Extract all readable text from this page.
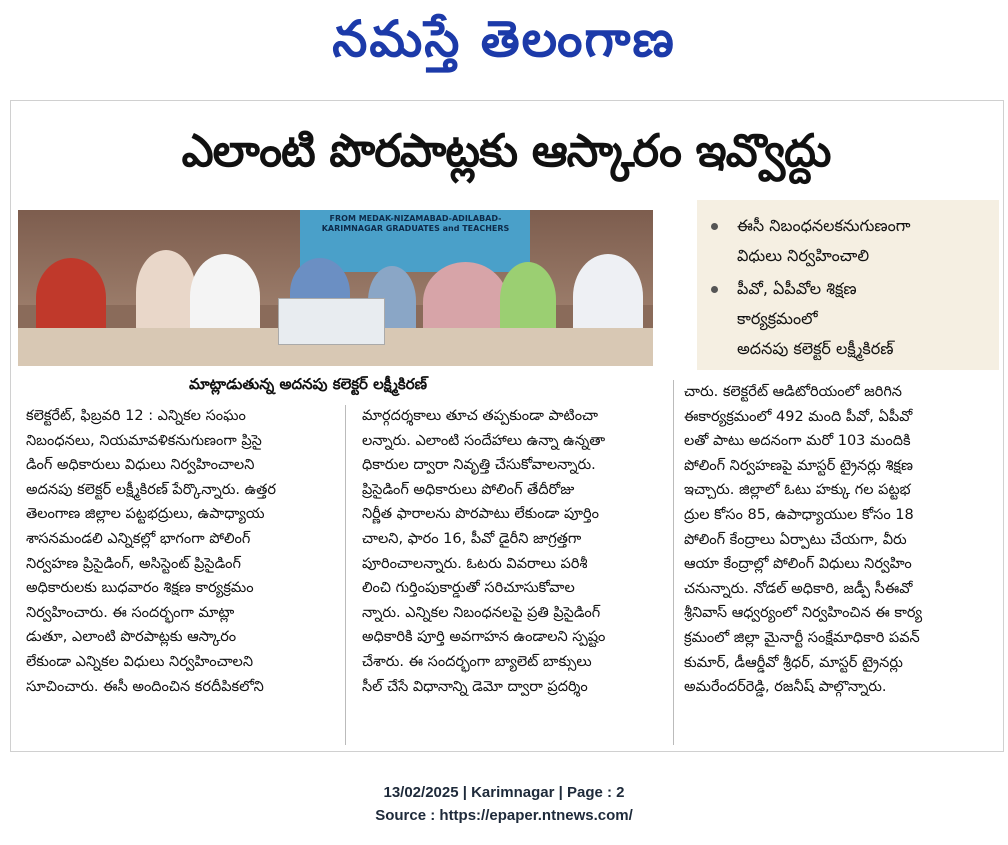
నమస్తే తెలంగాణ
ఎలాంటి పొరపాట్లకు ఆస్కారం ఇవ్వొద్దు
FROM MEDAK-NIZAMABAD-ADILABAD-KARIMNAGAR GRADUATES and TEACHERS
మాట్లాడుతున్న అదనపు కలెక్టర్ లక్ష్మీకిరణ్
ఈసీ నిబంధనలకనుగుణంగా
విధులు నిర్వహించాలి
పీవో, ఏపీవోల శిక్షణ
కార్యక్రమంలో
అదనపు కలెక్టర్ లక్ష్మీకిరణ్
కలెక్టరేట్, ఫిబ్రవరి 12 : ఎన్నికల సంఘం
నిబంధనలు, నియమావళికనుగుణంగా ప్రిసై
డింగ్ అధికారులు విధులు నిర్వహించాలని
అదనపు కలెక్టర్ లక్ష్మీకిరణ్ పేర్కొన్నారు. ఉత్తర
తెలంగాణ జిల్లాల పట్టభద్రులు, ఉపాధ్యాయ
శాసనమండలి ఎన్నికల్లో భాగంగా పోలింగ్
నిర్వహణ ప్రిసైడింగ్, అసిస్టెంట్ ప్రిసైడింగ్
అధికారులకు బుధవారం శిక్షణ కార్యక్రమం
నిర్వహించారు. ఈ సందర్భంగా మాట్లా
డుతూ, ఎలాంటి పొరపాట్లకు ఆస్కారం
లేకుండా ఎన్నికల విధులు నిర్వహించాలని
సూచించారు. ఈసీ అందించిన కరదీపికలోని
మార్గదర్శకాలు తూచ తప్పకుండా పాటించా
లన్నారు. ఎలాంటి సందేహాలు ఉన్నా ఉన్నతా
ధికారుల ద్వారా నివృత్తి చేసుకోవాలన్నారు.
ప్రిసైడింగ్ అధికారులు పోలింగ్ తేదీరోజు
నిర్ణీత ఫారాలను పొరపాటు లేకుండా పూర్తిం
చాలని, ఫారం 16, పీవో డైరీని జాగ్రత్తగా
పూరించాలన్నారు. ఓటరు వివరాలు పరిశీ
లించి గుర్తింపుకార్డుతో సరిచూసుకోవాల
న్నారు. ఎన్నికల నిబంధనలపై ప్రతి ప్రిసైడింగ్
అధికారికి పూర్తి అవగాహన ఉండాలని స్పష్టం
చేశారు. ఈ సందర్భంగా బ్యాలెట్ బాక్సులు
సీల్ చేసే విధానాన్ని డెమో ద్వారా ప్రదర్శిం
చారు. కలెక్టరేట్ ఆడిటోరియంలో జరిగిన
ఈకార్యక్రమంలో 492 మంది పీవో, ఏపీవో
లతో పాటు అదనంగా మరో 103 మందికి
పోలింగ్ నిర్వహణపై మాస్టర్ ట్రైనర్లు శిక్షణ
ఇచ్చారు. జిల్లాలో ఓటు హక్కు గల పట్టభ
ద్రుల కోసం 85, ఉపాధ్యాయుల కోసం 18
పోలింగ్ కేంద్రాలు ఏర్పాటు చేయగా, వీరు
ఆయా కేంద్రాల్లో పోలింగ్ విధులు నిర్వహిం
చనున్నారు. నోడల్ అధికారి, జడ్పీ సీఈవో
శ్రీనివాస్ ఆధ్వర్యంలో నిర్వహించిన ఈ కార్య
క్రమంలో జిల్లా మైనార్టీ సంక్షేమాధికారి పవన్
కుమార్, డీఆర్డీవో శ్రీధర్, మాస్టర్ ట్రైనర్లు
అమరేందర్‌రెడ్డి, రజనీష్ పాల్గొన్నారు.
13/02/2025 | Karimnagar | Page : 2
Source : https://epaper.ntnews.com/
